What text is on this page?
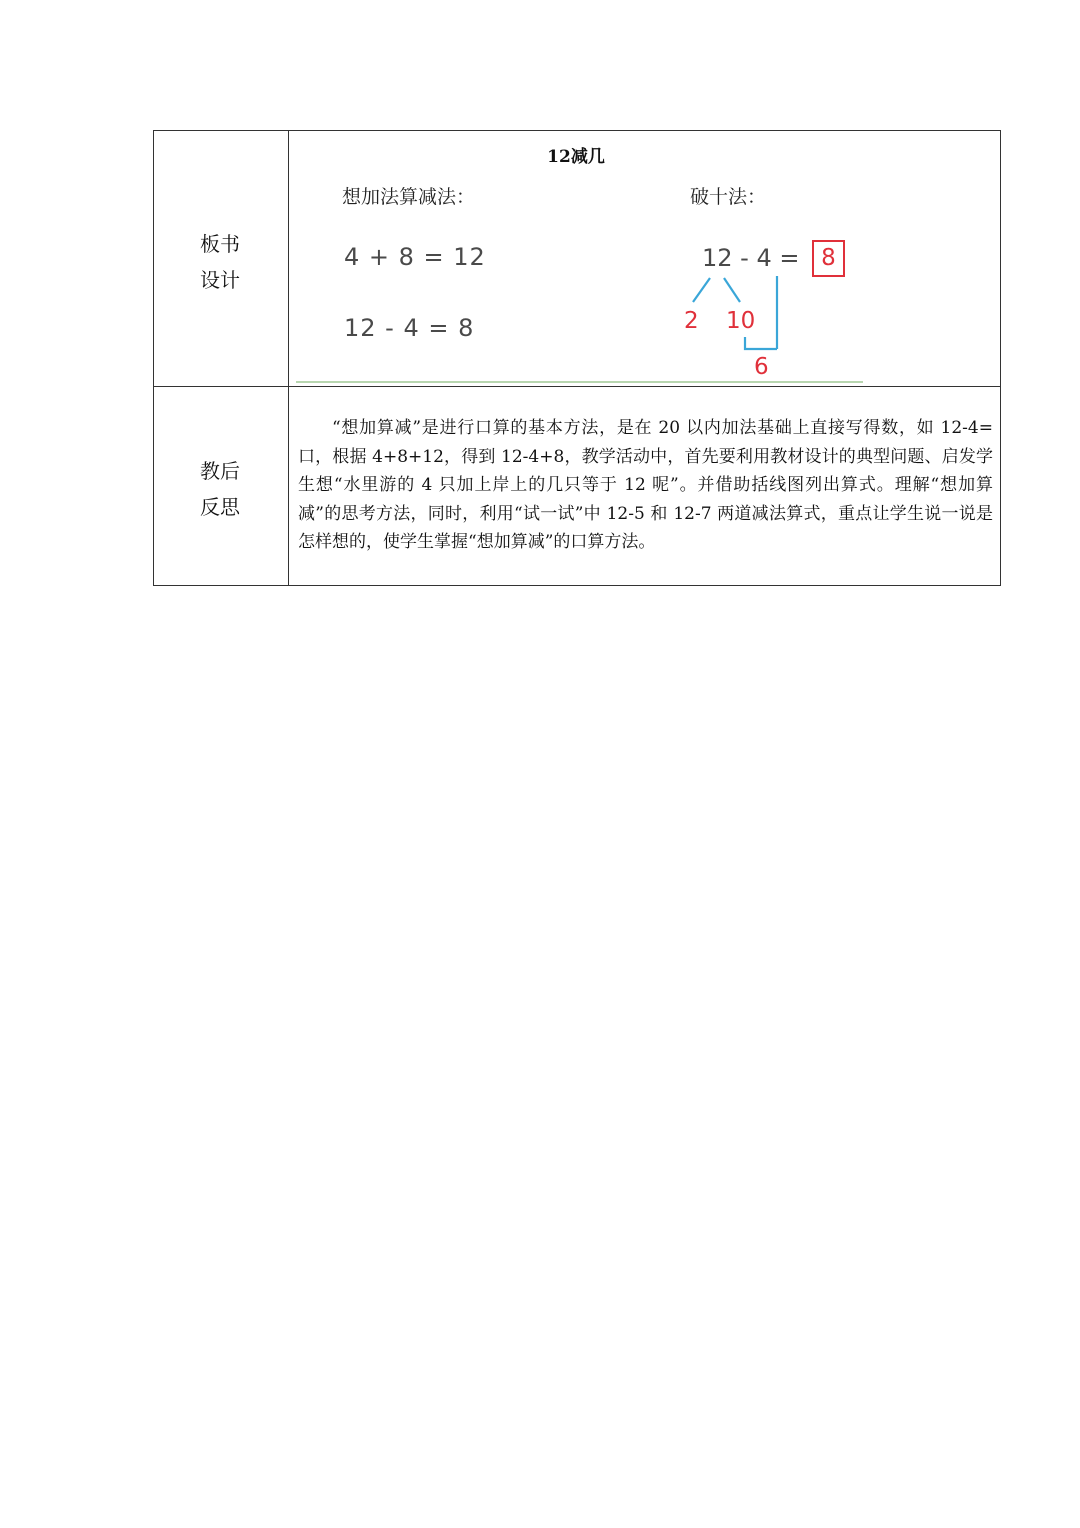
板书
设计
12减几
想加法算减法：	破十法：
4 + 8 = 12
12 - 4 = 8
12 - 4 = 8
2 10
6
教后
反思
“想加算减”是进行口算的基本方法，是在 20 以内加法基础上直接写得数，如 12-4=口，根据 4+8+12，得到 12-4+8，教学活动中，首先要利用教材设计的典型问题、启发学生想“水里游的 4 只加上岸上的几只等于 12 呢”。并借助括线图列出算式。理解“想加算减”的思考方法，同时，利用“试一试”中 12-5 和 12-7 两道减法算式，重点让学生说一说是怎样想的，使学生掌握“想加算减”的口算方法。
